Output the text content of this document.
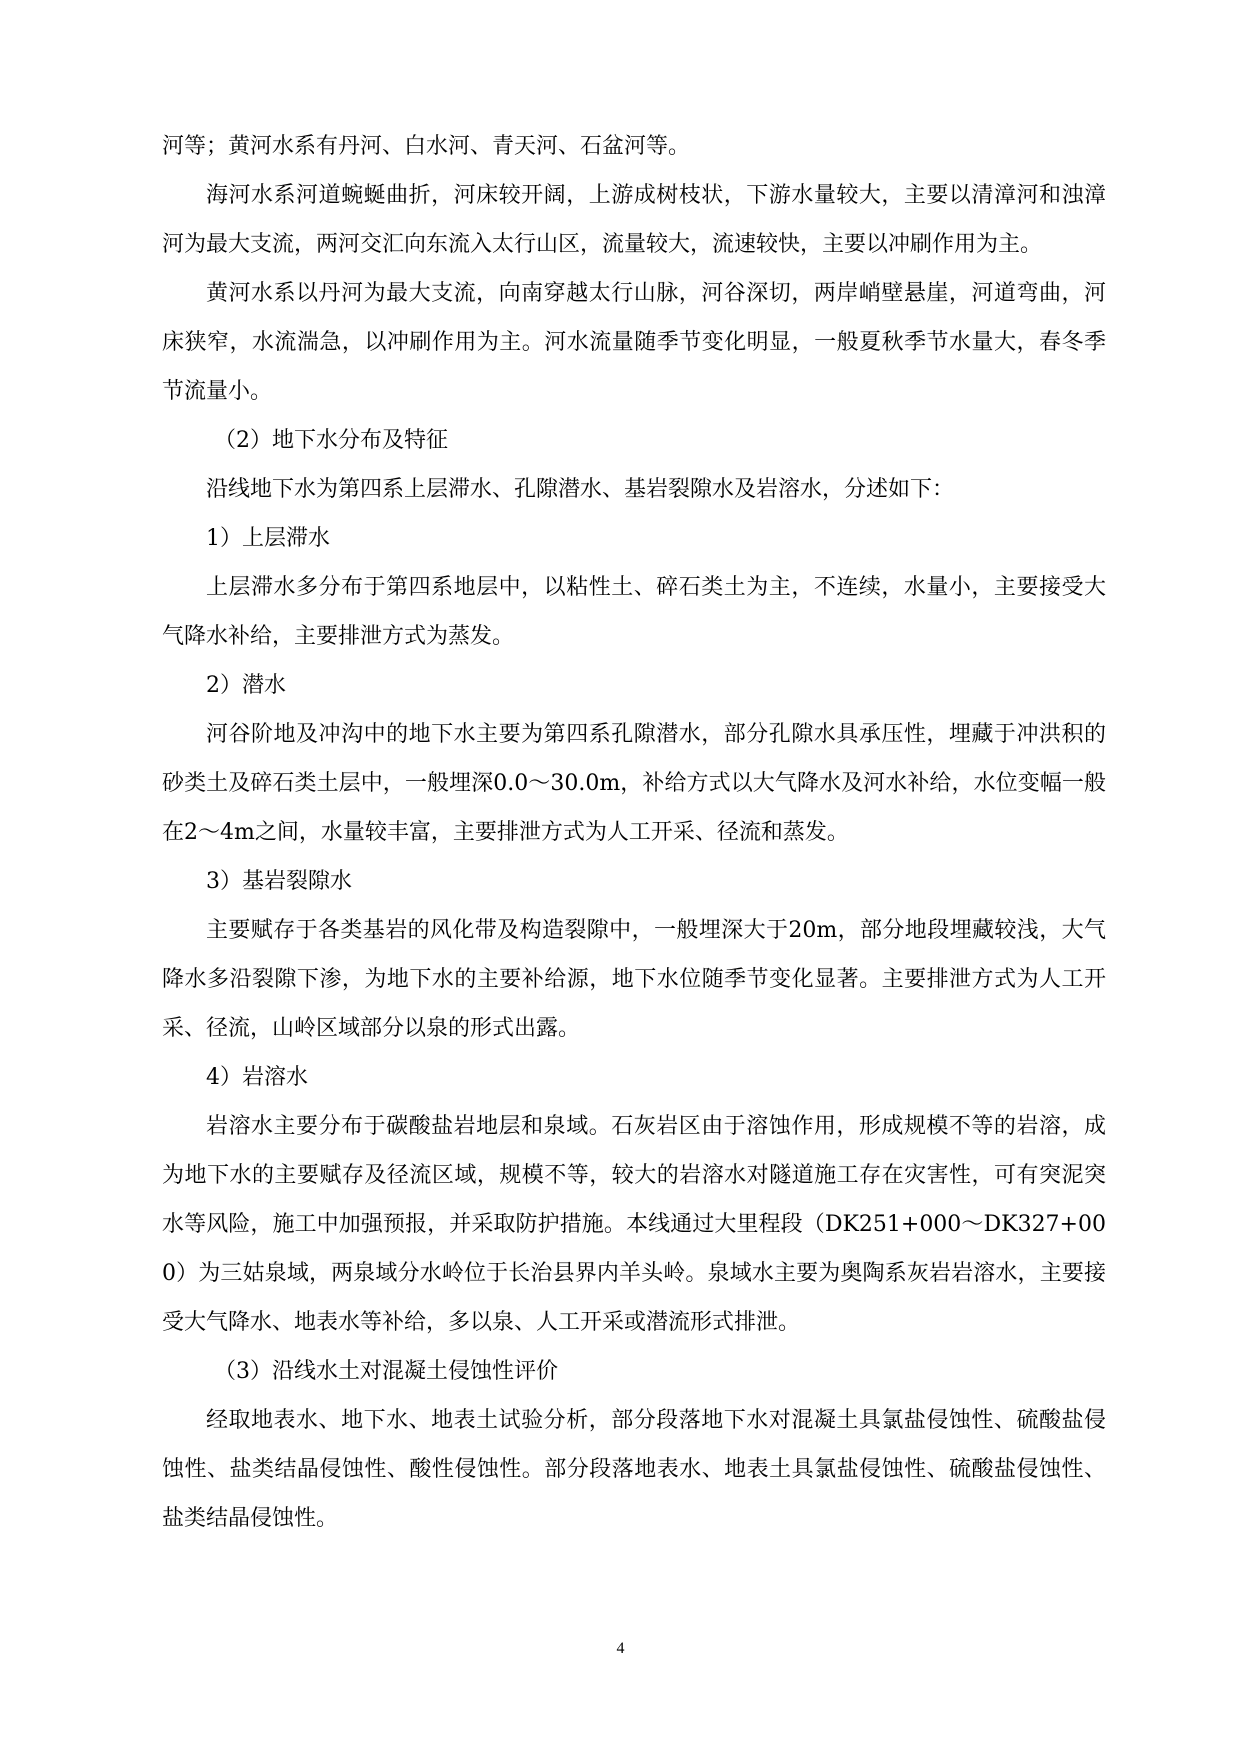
河等；黄河水系有丹河、白水河、青天河、石盆河等。

海河水系河道蜿蜒曲折，河床较开阔，上游成树枝状，下游水量较大，主要以清漳河和浊漳河为最大支流，两河交汇向东流入太行山区，流量较大，流速较快，主要以冲刷作用为主。

黄河水系以丹河为最大支流，向南穿越太行山脉，河谷深切，两岸峭壁悬崖，河道弯曲，河床狭窄，水流湍急，以冲刷作用为主。河水流量随季节变化明显，一般夏秋季节水量大，春冬季节流量小。

（2）地下水分布及特征

沿线地下水为第四系上层滞水、孔隙潜水、基岩裂隙水及岩溶水，分述如下：

1）上层滞水

上层滞水多分布于第四系地层中，以粘性土、碎石类土为主，不连续，水量小，主要接受大气降水补给，主要排泄方式为蒸发。

2）潜水

河谷阶地及冲沟中的地下水主要为第四系孔隙潜水，部分孔隙水具承压性，埋藏于冲洪积的砂类土及碎石类土层中，一般埋深0.0～30.0m，补给方式以大气降水及河水补给，水位变幅一般在2～4m之间，水量较丰富，主要排泄方式为人工开采、径流和蒸发。

3）基岩裂隙水

主要赋存于各类基岩的风化带及构造裂隙中，一般埋深大于20m，部分地段埋藏较浅，大气降水多沿裂隙下渗，为地下水的主要补给源，地下水位随季节变化显著。主要排泄方式为人工开采、径流，山岭区域部分以泉的形式出露。

4）岩溶水

岩溶水主要分布于碳酸盐岩地层和泉域。石灰岩区由于溶蚀作用，形成规模不等的岩溶，成为地下水的主要赋存及径流区域，规模不等，较大的岩溶水对隧道施工存在灾害性，可有突泥突水等风险，施工中加强预报，并采取防护措施。本线通过大里程段（DK251+000～DK327+000）为三姑泉域，两泉域分水岭位于长治县界内羊头岭。泉域水主要为奥陶系灰岩岩溶水，主要接受大气降水、地表水等补给，多以泉、人工开采或潜流形式排泄。

（3）沿线水土对混凝土侵蚀性评价

经取地表水、地下水、地表土试验分析，部分段落地下水对混凝土具氯盐侵蚀性、硫酸盐侵蚀性、盐类结晶侵蚀性、酸性侵蚀性。部分段落地表水、地表土具氯盐侵蚀性、硫酸盐侵蚀性、盐类结晶侵蚀性。

4
